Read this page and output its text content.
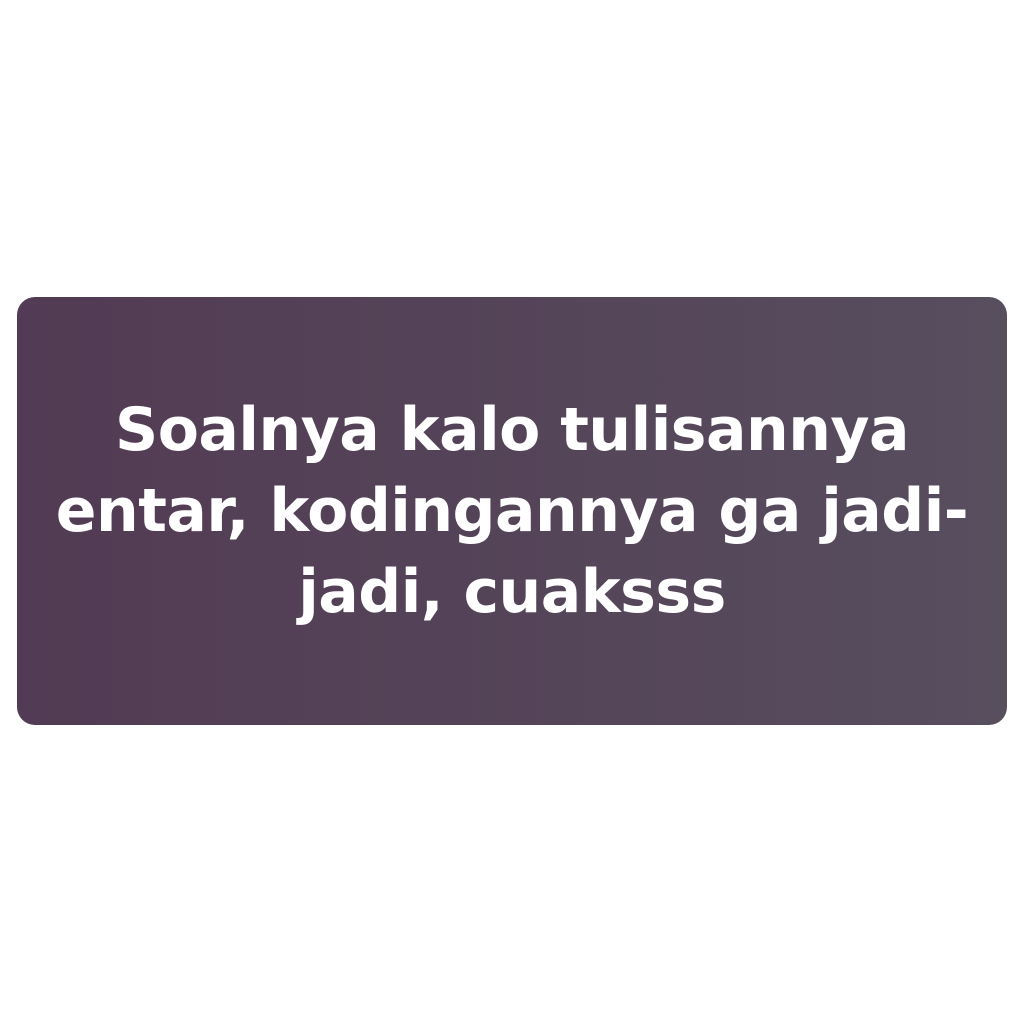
Soalnya kalo tulisannya
entar, kodingannya ga jadi-
jadi, cuaksss
